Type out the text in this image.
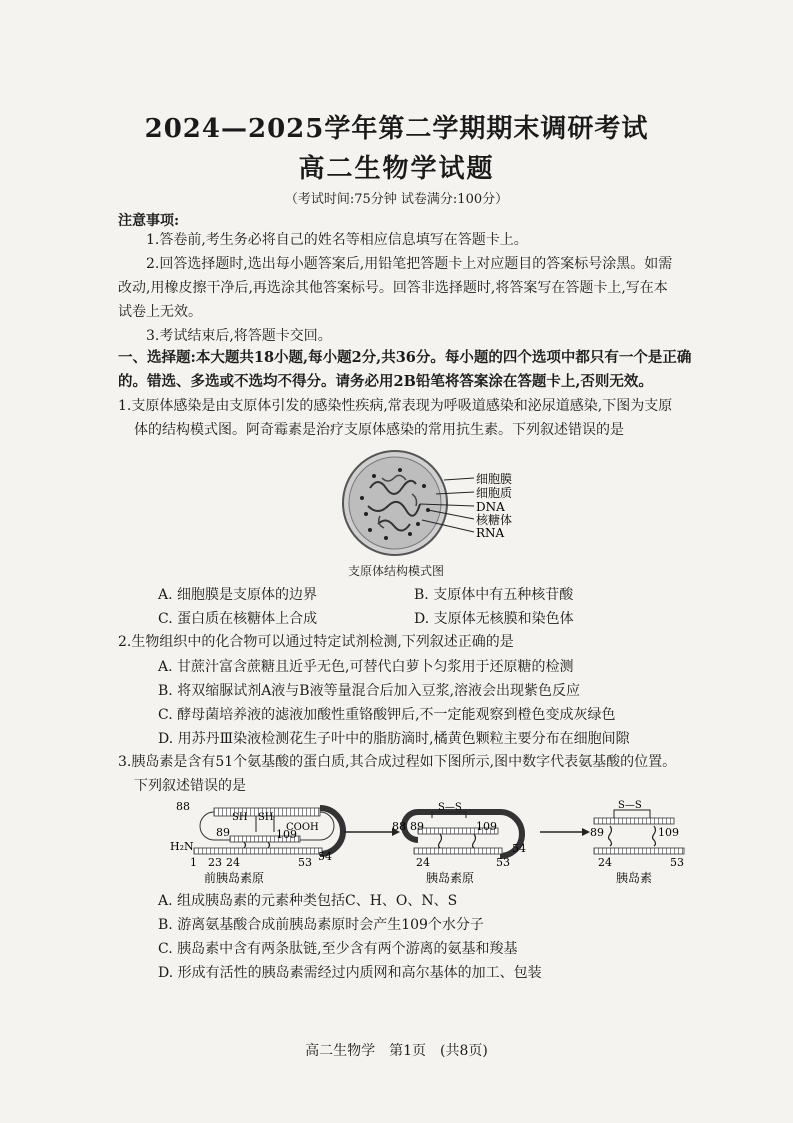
2024—2025学年第二学期期末调研考试
高二生物学试题
（考试时间:75分钟 试卷满分:100分）
注意事项:
1.答卷前,考生务必将自己的姓名等相应信息填写在答题卡上。
2.回答选择题时,选出每小题答案后,用铅笔把答题卡上对应题目的答案标号涂黑。如需
改动,用橡皮擦干净后,再选涂其他答案标号。回答非选择题时,将答案写在答题卡上,写在本
试卷上无效。
3.考试结束后,将答题卡交回。
一、选择题:本大题共18小题,每小题2分,共36分。每小题的四个选项中都只有一个是正确
的。错选、多选或不选均不得分。请务必用2B铅笔将答案涂在答题卡上,否则无效。
1.支原体感染是由支原体引发的感染性疾病,常表现为呼吸道感染和泌尿道感染,下图为支原
体的结构模式图。阿奇霉素是治疗支原体感染的常用抗生素。下列叙述错误的是
细胞膜
细胞质
DNA
核糖体
RNA
支原体结构模式图
A. 细胞膜是支原体的边界	B. 支原体中有五种核苷酸
C. 蛋白质在核糖体上合成	D. 支原体无核膜和染色体
2.生物组织中的化合物可以通过特定试剂检测,下列叙述正确的是
A. 甘蔗汁富含蔗糖且近乎无色,可替代白萝卜匀浆用于还原糖的检测
B. 将双缩脲试剂A液与B液等量混合后加入豆浆,溶液会出现紫色反应
C. 酵母菌培养液的滤液加酸性重铬酸钾后,不一定能观察到橙色变成灰绿色
D. 用苏丹Ⅲ染液检测花生子叶中的脂肪滴时,橘黄色颗粒主要分布在细胞间隙
3.胰岛素是含有51个氨基酸的蛋白质,其合成过程如下图所示,图中数字代表氨基酸的位置。
下列叙述错误的是
88
SH SH
COOH
89	109
H₂N
1 23 24	53 54
S—S
88 89	109
24	53
54
S—S
89	109
24	53
前胰岛素原	胰岛素原	胰岛素
A. 组成胰岛素的元素种类包括C、H、O、N、S
B. 游离氨基酸合成前胰岛素原时会产生109个水分子
C. 胰岛素中含有两条肽链,至少含有两个游离的氨基和羧基
D. 形成有活性的胰岛素需经过内质网和高尔基体的加工、包装
高二生物学　第1页　(共8页)
